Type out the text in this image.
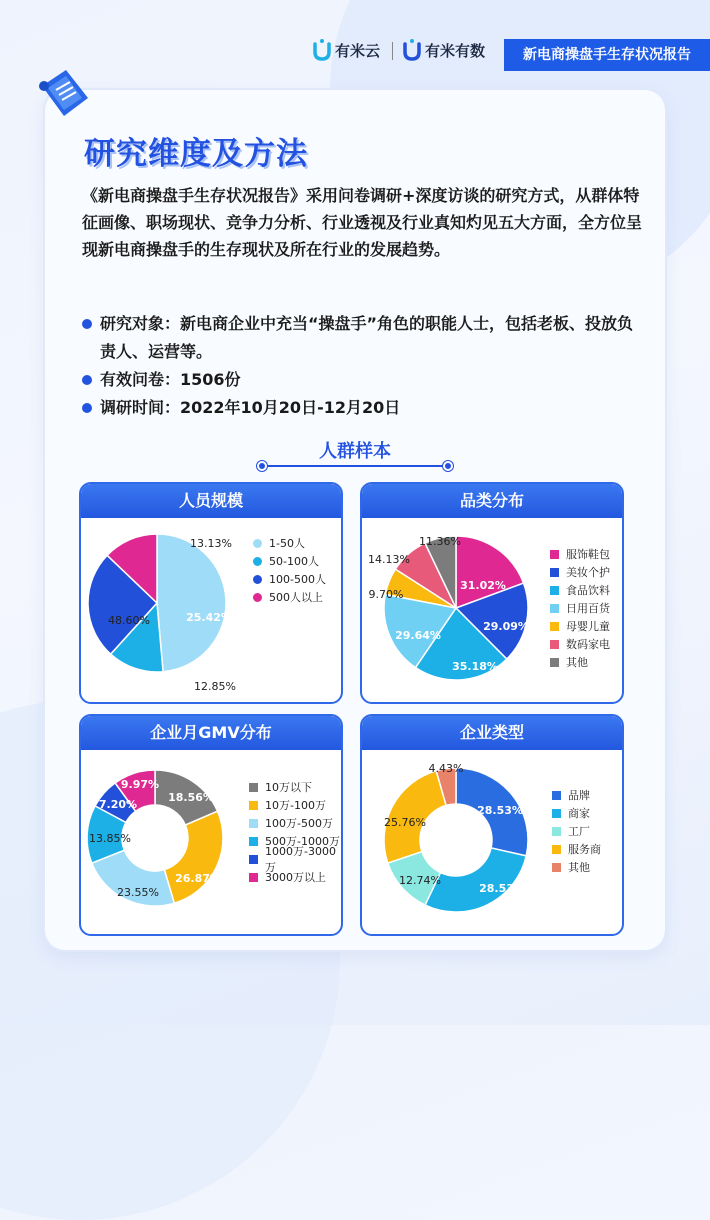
有米云	有米有数	新电商操盘手生存状况报告
研究维度及方法
《新电商操盘手生存状况报告》采用问卷调研+深度访谈的研究方式，从群体特征画像、职场现状、竞争力分析、行业透视及行业真知灼见五大方面，全方位呈现新电商操盘手的生存现状及所在行业的发展趋势。
研究对象：新电商企业中充当“操盘手”角色的职能人士，包括老板、投放负责人、运营等。
有效问卷：1506份
调研时间：2022年10月20日-12月20日
人群样本
人员规模
48.60%
13.13%
25.42%
12.85%
1-50人
50-100人
100-500人
500人以上
品类分布
31.02%
29.09%
35.18%
29.64%
9.70%
14.13%
11.36%
服饰鞋包
美妆个护
食品饮料
日用百货
母婴儿童
数码家电
其他
企业月GMV分布
18.56%
26.87%
23.55%
13.85%
7.20%
9.97%	10万以下
10万-100万
100万-500万
500万-1000万
1000万-3000万
3000万以上
企业类型
28.53%
28.53%
12.74%
25.76%
4.43%
品牌
商家
工厂
服务商
其他
